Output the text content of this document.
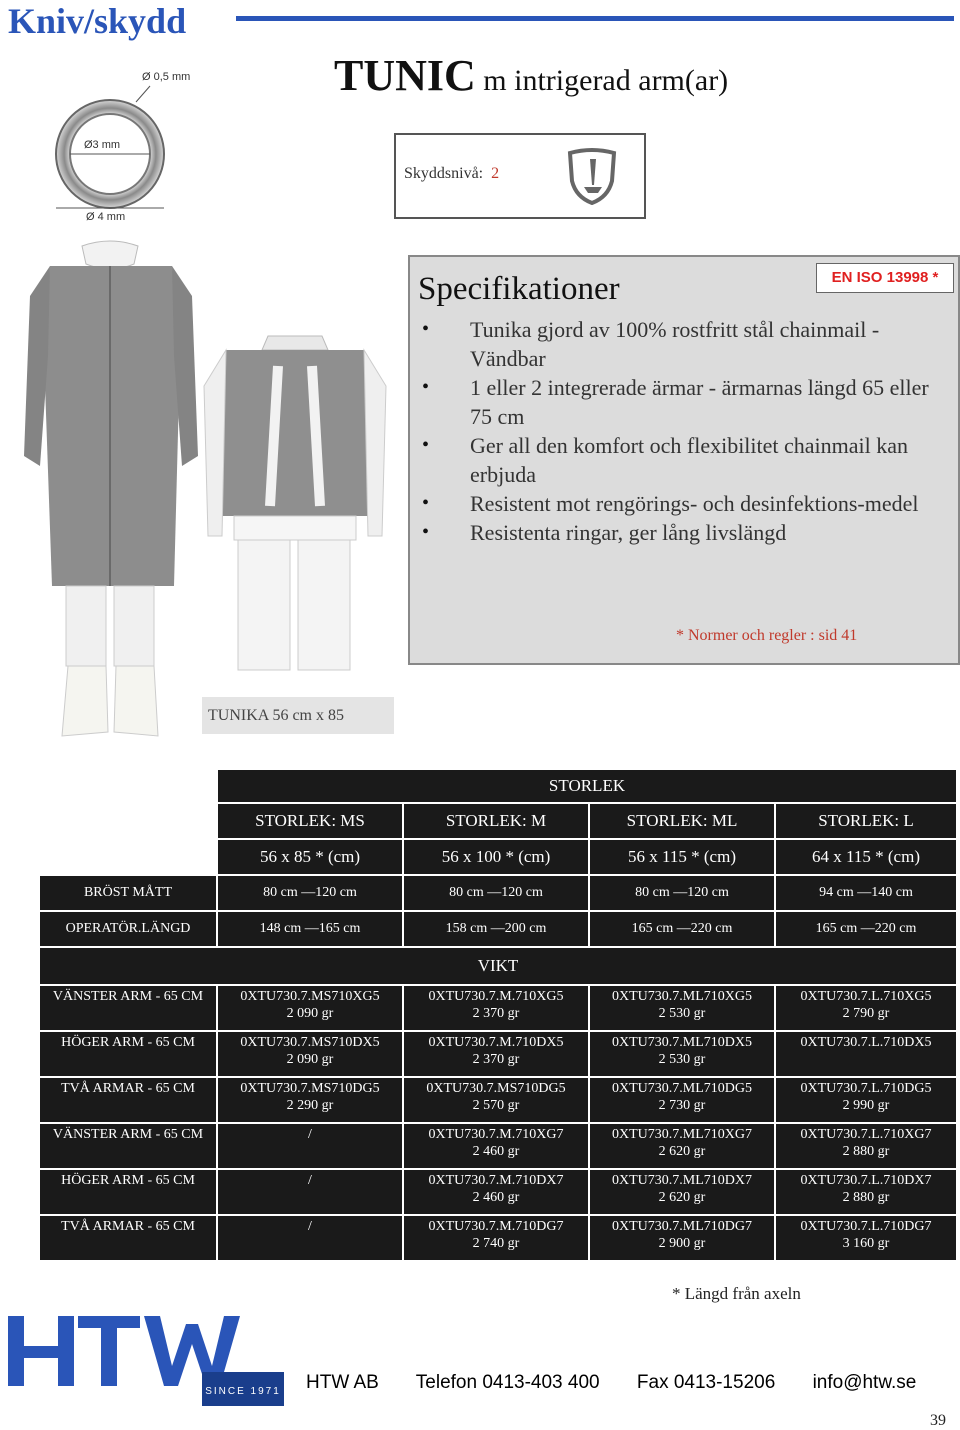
Kniv/skydd
TUNIC m intrigerad arm(ar)
Ø 0,5 mm
Ø3 mm
Ø 4 mm
Skyddsnivå: 2
Specifikationer	EN ISO 13998 *
• Tunika gjord av 100% rostfritt stål chainmail - Vändbar
• 1 eller 2 integrerade ärmar - ärmarnas längd 65 eller 75 cm
• Ger all den komfort och flexibilitet chainmail kan erbjuda
• Resistent mot rengörings- och desinfektions-medel
• Resistenta ringar, ger lång livslängd
* Normer och regler : sid 41
TUNIKA 56 cm x 85
	STORLEK			
	STORLEK: MS	STORLEK: M	STORLEK: ML	STORLEK: L
	56 x 85 * (cm)	56 x 100 * (cm)	56 x 115 * (cm)	64 x 115 * (cm)
BRÖST MÅTT	80 cm —120 cm	80 cm —120 cm	80 cm —120 cm	94 cm —140 cm
OPERATÖR.LÄNGD	148 cm —165 cm	158 cm —200 cm	165 cm —220 cm	165 cm —220 cm
VIKT				
VÄNSTER ARM - 65 CM	0XTU730.7.MS710XG5
2 090 gr	0XTU730.7.M.710XG5
2 370 gr	0XTU730.7.ML710XG5
2 530 gr	0XTU730.7.L.710XG5
2 790 gr

HÖGER ARM - 65 CM	0XTU730.7.MS710DX5
2 090 gr	0XTU730.7.M.710DX5
2 370 gr	0XTU730.7.ML710DX5
2 530 gr	0XTU730.7.L.710DX5

TVÅ ARMAR - 65 CM	0XTU730.7.MS710DG5
2 290 gr	0XTU730.7.MS710DG5
2 570 gr	0XTU730.7.ML710DG5
2 730 gr	0XTU730.7.L.710DG5
2 990 gr

VÄNSTER ARM - 65 CM	/	0XTU730.7.M.710XG7
2 460 gr	0XTU730.7.ML710XG7
2 620 gr	0XTU730.7.L.710XG7
2 880 gr

HÖGER ARM - 65 CM	/	0XTU730.7.M.710DX7
2 460 gr	0XTU730.7.ML710DX7
2 620 gr	0XTU730.7.L.710DX7
2 880 gr

TVÅ ARMAR - 65 CM	/	0XTU730.7.M.710DG7
2 740 gr	0XTU730.7.ML710DG7
2 900 gr	0XTU730.7.L.710DG7
3 160 gr
* Längd från axeln
SINCE 1971 HTW AB Telefon 0413-403 400 Fax 0413-15206 info@htw.se
39
